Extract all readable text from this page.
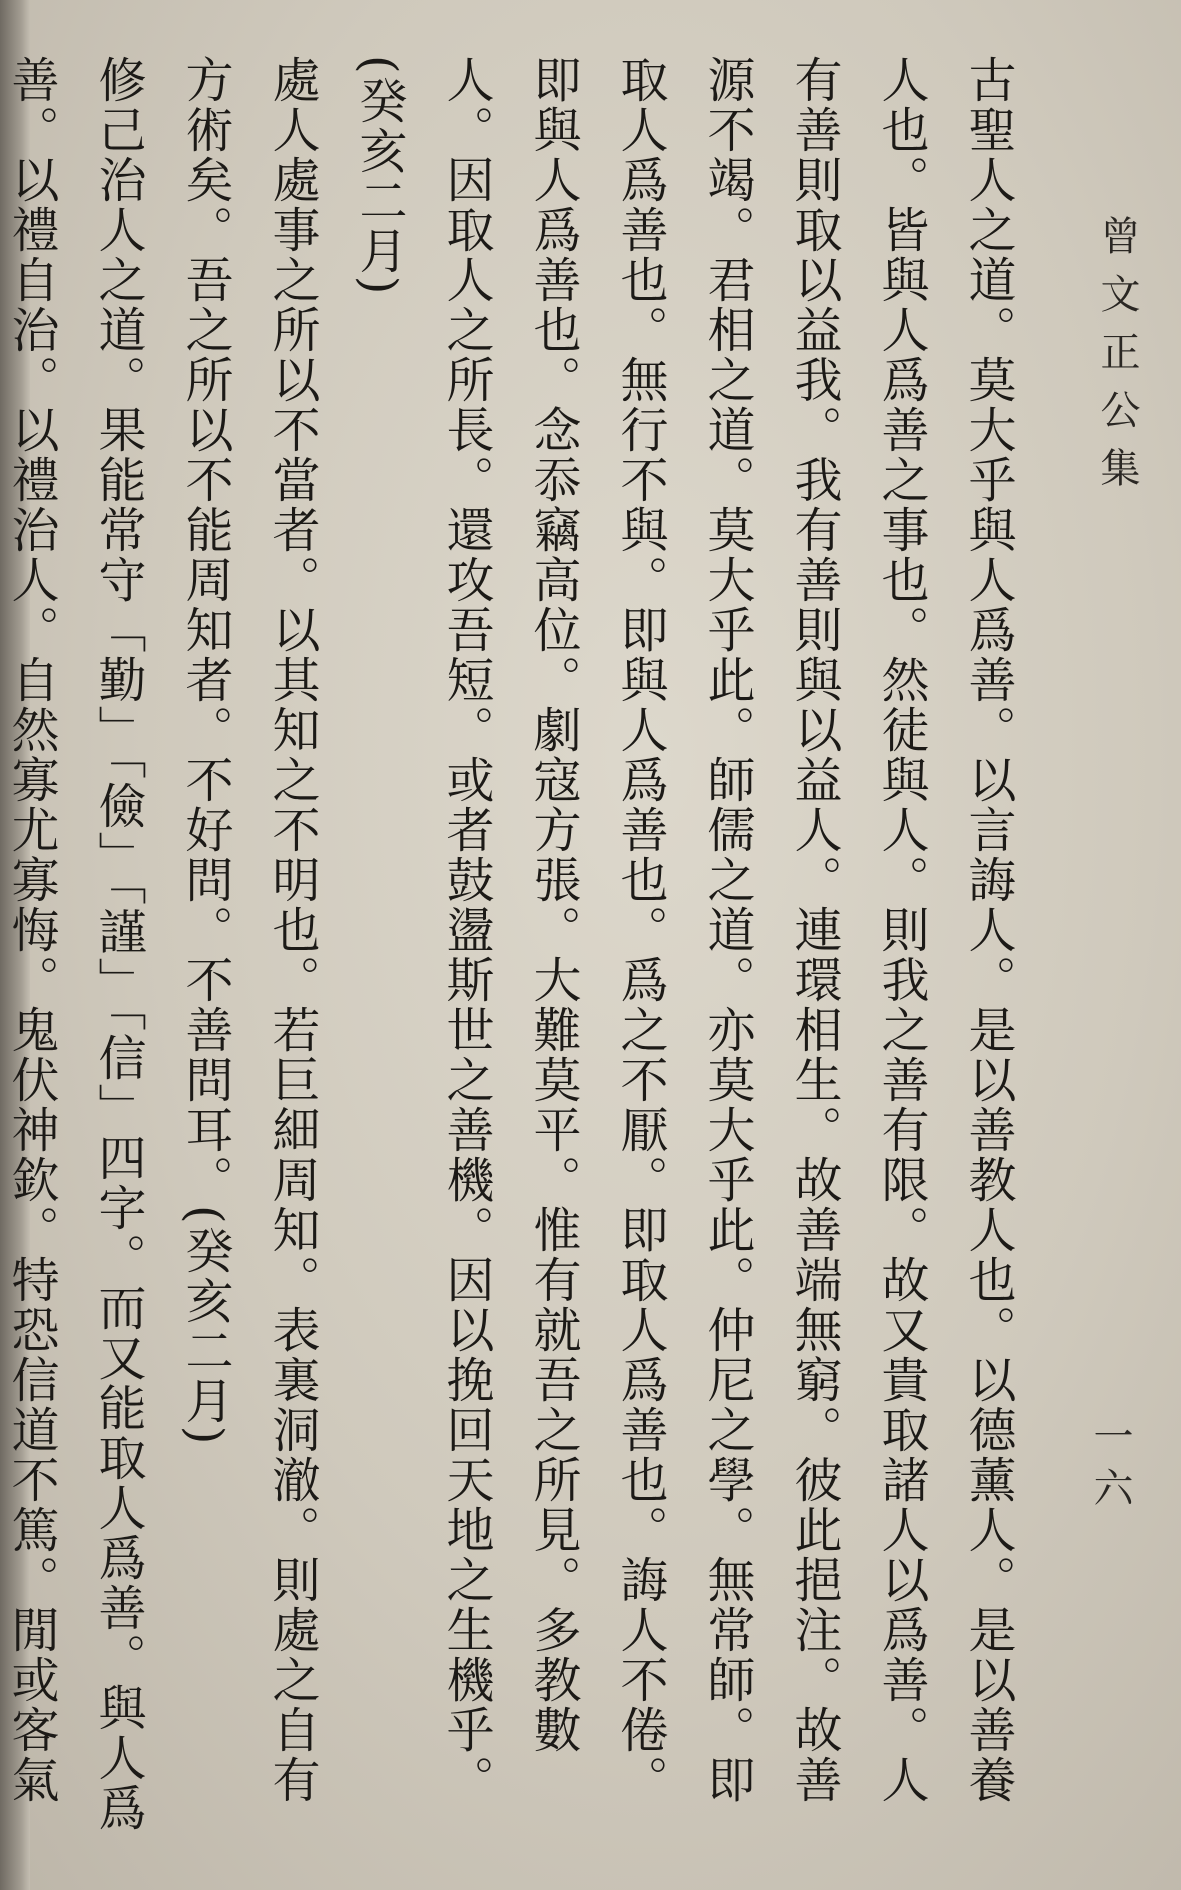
曾文正公集
一六

古聖人之道。莫大乎與人爲善。以言誨人。是以善教人也。以德薰人。是以善養人也。皆與人爲善之事也。然徒與人。則我之善有限。故又貴取諸人以爲善。人有善則取以益我。我有善則與以益人。連環相生。故善端無窮。彼此挹注。故善源不竭。君相之道。莫大乎此。師儒之道。亦莫大乎此。仲尼之學。無常師。即取人爲善也。無行不與。即與人爲善也。爲之不厭。即取人爲善也。誨人不倦。即與人爲善也。念忝竊高位。劇寇方張。大難莫平。惟有就吾之所見。多教數人。因取人之所長。還攻吾短。或者鼓盪斯世之善機。因以挽回天地之生機乎。(癸亥二月)

處人處事之所以不當者。以其知之不明也。若巨細周知。表裏洞澈。則處之自有方術矣。吾之所以不能周知者。不好問。不善問耳。(癸亥二月)

修己治人之道。果能常守「勤」「儉」「謹」「信」四字。而又能取人爲善。與人爲善。以禮自治。以禮治人。自然寡尤寡悔。鬼伏神欽。特恐信道不篤。閒或客氣
